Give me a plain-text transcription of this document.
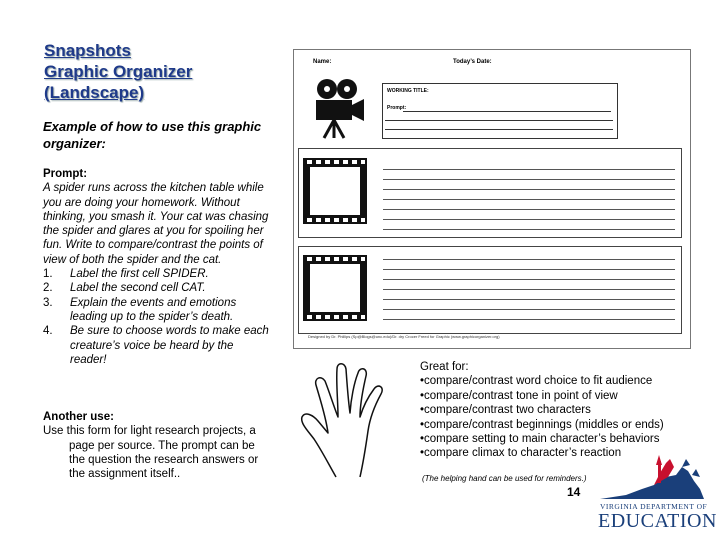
Snapshots
Graphic Organizer
(Landscape)
Example of how to use this graphic organizer:
Prompt:
A spider runs across the kitchen table while you are doing your homework. Without thinking, you smash it. Your cat was chasing the spider and glares at you for spoiling her fun. Write to compare/contrast the points of view of both the spider and the cat.
1.	Label the first cell SPIDER.
2.	Label the second cell CAT.
3.	Explain the events and emotions leading up to the spider’s death.
4.	Be sure to choose words to make each creature’s voice be heard by the reader!
Another use:
Use this form for light research projects, a
page per source. The prompt can be the question the research answers or the assignment itself..
Name:	Today’s Date:
WORKING TITLE:
Prompt:
Designed by Dr. Phillips (Sp@Blogs@unc.edu)/Dr. dry Crocer Freed for Graphic (www.graphicorganizer.org)
Great for:
•compare/contrast word choice to fit audience
•compare/contrast tone in point of view
•compare/contrast two characters
•compare/contrast beginnings (middles or ends)
•compare setting to main character’s behaviors
•compare climax to character’s reaction
(The helping hand can be used for reminders.)
14
VIRGINIA DEPARTMENT OF
EDUCATION
